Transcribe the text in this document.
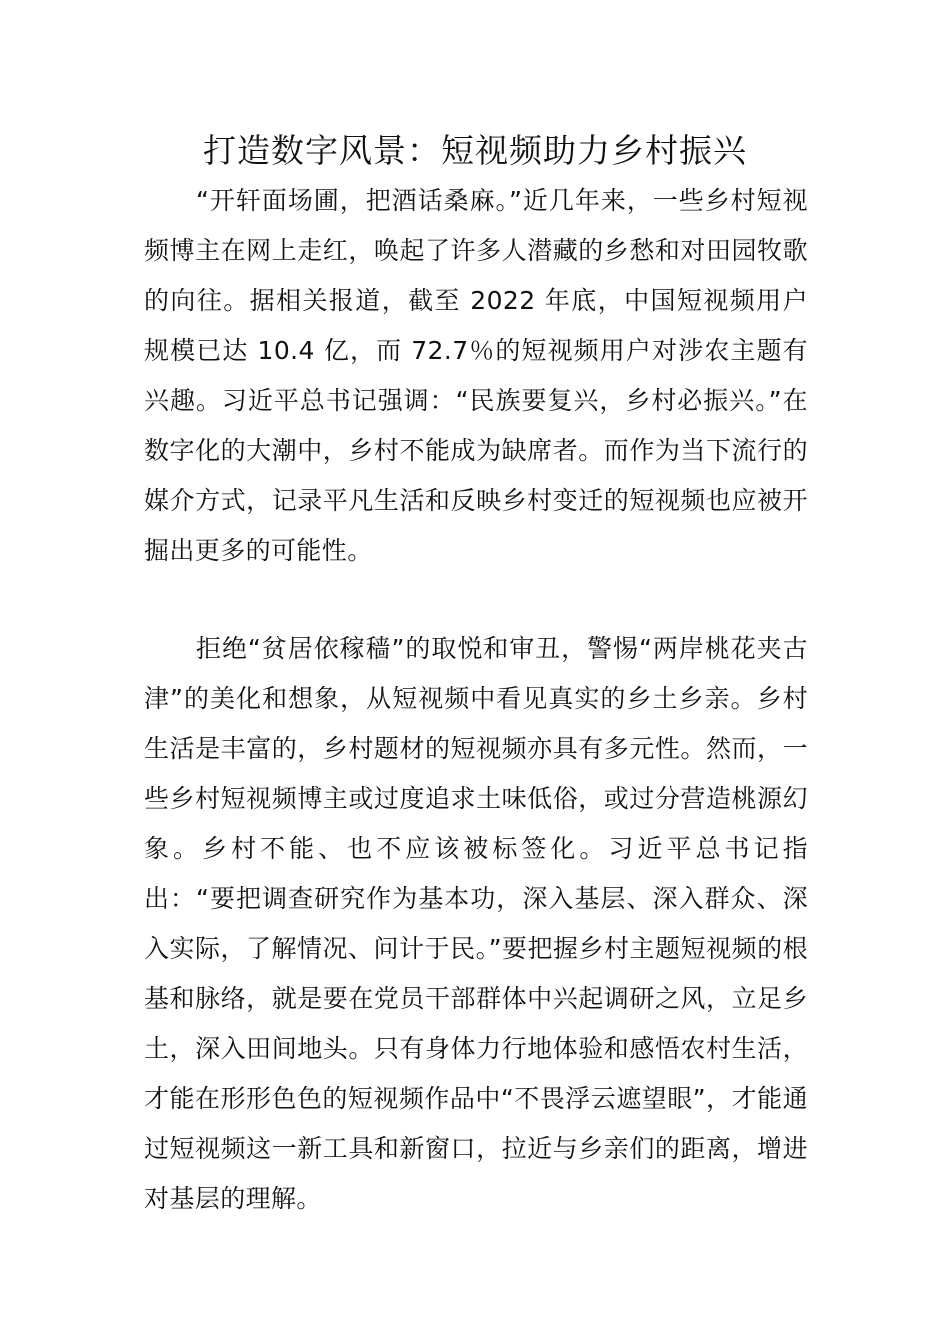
打造数字风景：短视频助力乡村振兴

“开轩面场圃，把酒话桑麻。”近几年来，一些乡村短视频博主在网上走红，唤起了许多人潜藏的乡愁和对田园牧歌的向往。据相关报道，截至 2022 年底，中国短视频用户规模已达 10.4 亿，而 72.7％的短视频用户对涉农主题有兴趣。习近平总书记强调：“民族要复兴，乡村必振兴。”在数字化的大潮中，乡村不能成为缺席者。而作为当下流行的媒介方式，记录平凡生活和反映乡村变迁的短视频也应被开掘出更多的可能性。

拒绝“贫居依稼穑”的取悦和审丑，警惕“两岸桃花夹古津”的美化和想象，从短视频中看见真实的乡土乡亲。乡村生活是丰富的，乡村题材的短视频亦具有多元性。然而，一些乡村短视频博主或过度追求土味低俗，或过分营造桃源幻象。乡村不能、也不应该被标签化。习近平总书记指出：“要把调查研究作为基本功，深入基层、深入群众、深入实际，了解情况、问计于民。”要把握乡村主题短视频的根基和脉络，就是要在党员干部群体中兴起调研之风，立足乡土，深入田间地头。只有身体力行地体验和感悟农村生活，才能在形形色色的短视频作品中“不畏浮云遮望眼”，才能通过短视频这一新工具和新窗口，拉近与乡亲们的距离，增进对基层的理解。
